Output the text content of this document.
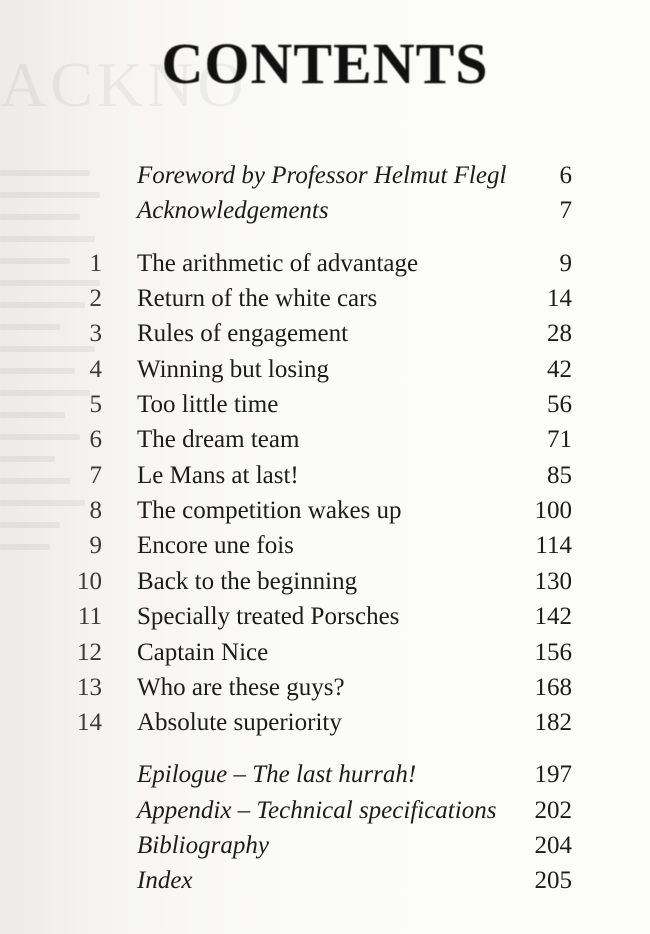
ACKNO
CONTENTS
Foreword by Professor Helmut Flegl 6
Acknowledgements	7
1 The arithmetic of advantage	9
2 Return of the white cars	14
3 Rules of engagement	28
4 Winning but losing	42
5 Too little time	56
6 The dream team	71
7 Le Mans at last!	85
8 The competition wakes up	100
9 Encore une fois	114
10 Back to the beginning	130
11 Specially treated Porsches	142
12 Captain Nice	156
13 Who are these guys?	168
14 Absolute superiority	182
Epilogue – The last hurrah!	197
Appendix – Technical specifications 202
Bibliography	204
Index	205
